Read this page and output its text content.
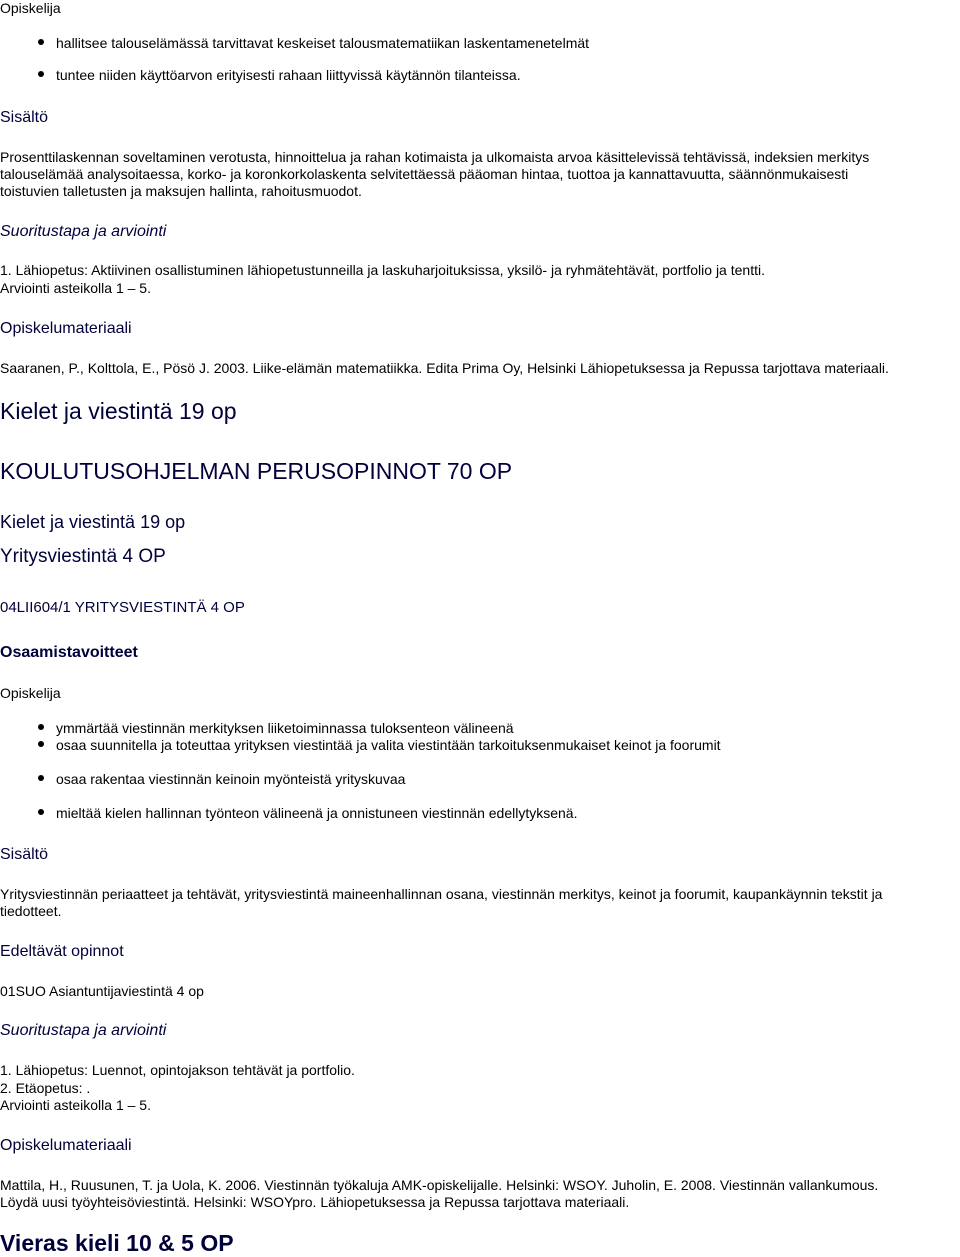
Opiskelija
hallitsee talouselämässä tarvittavat keskeiset talousmatematiikan laskentamenetelmät
tuntee niiden käyttöarvon erityisesti rahaan liittyvissä käytännön tilanteissa.
Sisältö
Prosenttilaskennan soveltaminen verotusta, hinnoittelua ja rahan kotimaista ja ulkomaista arvoa käsittelevissä tehtävissä, indeksien merkitys
talouselämää analysoitaessa, korko- ja koronkorkolaskenta selvitettäessä pääoman hintaa, tuottoa ja kannattavuutta, säännönmukaisesti
toistuvien talletusten ja maksujen hallinta, rahoitusmuodot.
Suoritustapa ja arviointi
1. Lähiopetus: Aktiivinen osallistuminen lähiopetustunneilla ja laskuharjoituksissa, yksilö- ja ryhmätehtävät, portfolio ja tentti.
Arviointi asteikolla 1 – 5.
Opiskelumateriaali
Saaranen, P., Kolttola, E., Pösö J. 2003. Liike-elämän matematiikka. Edita Prima Oy, Helsinki Lähiopetuksessa ja Repussa tarjottava materiaali.
Kielet ja viestintä 19 op
KOULUTUSOHJELMAN PERUSOPINNOT 70 OP
Kielet ja viestintä 19 op
Yritysviestintä 4 OP
04LII604/1 YRITYSVIESTINTÄ 4 OP
Osaamistavoitteet
Opiskelija
ymmärtää viestinnän merkityksen liiketoiminnassa tuloksenteon välineenä
osaa suunnitella ja toteuttaa yrityksen viestintää ja valita viestintään tarkoituksenmukaiset keinot ja foorumit
osaa rakentaa viestinnän keinoin myönteistä yrityskuvaa
mieltää kielen hallinnan työnteon välineenä ja onnistuneen viestinnän edellytyksenä.
Sisältö
Yritysviestinnän periaatteet ja tehtävät, yritysviestintä maineenhallinnan osana, viestinnän merkitys, keinot ja foorumit, kaupankäynnin tekstit ja
tiedotteet.
Edeltävät opinnot
01SUO Asiantuntijaviestintä 4 op
Suoritustapa ja arviointi
1. Lähiopetus: Luennot, opintojakson tehtävät ja portfolio.
2. Etäopetus: .
Arviointi asteikolla 1 – 5.
Opiskelumateriaali
Mattila, H., Ruusunen, T. ja Uola, K. 2006. Viestinnän työkaluja AMK-opiskelijalle. Helsinki: WSOY. Juholin, E. 2008. Viestinnän vallankumous.
Löydä uusi työyhteisöviestintä. Helsinki: WSOYpro. Lähiopetuksessa ja Repussa tarjottava materiaali.
Vieras kieli 10 & 5 OP
